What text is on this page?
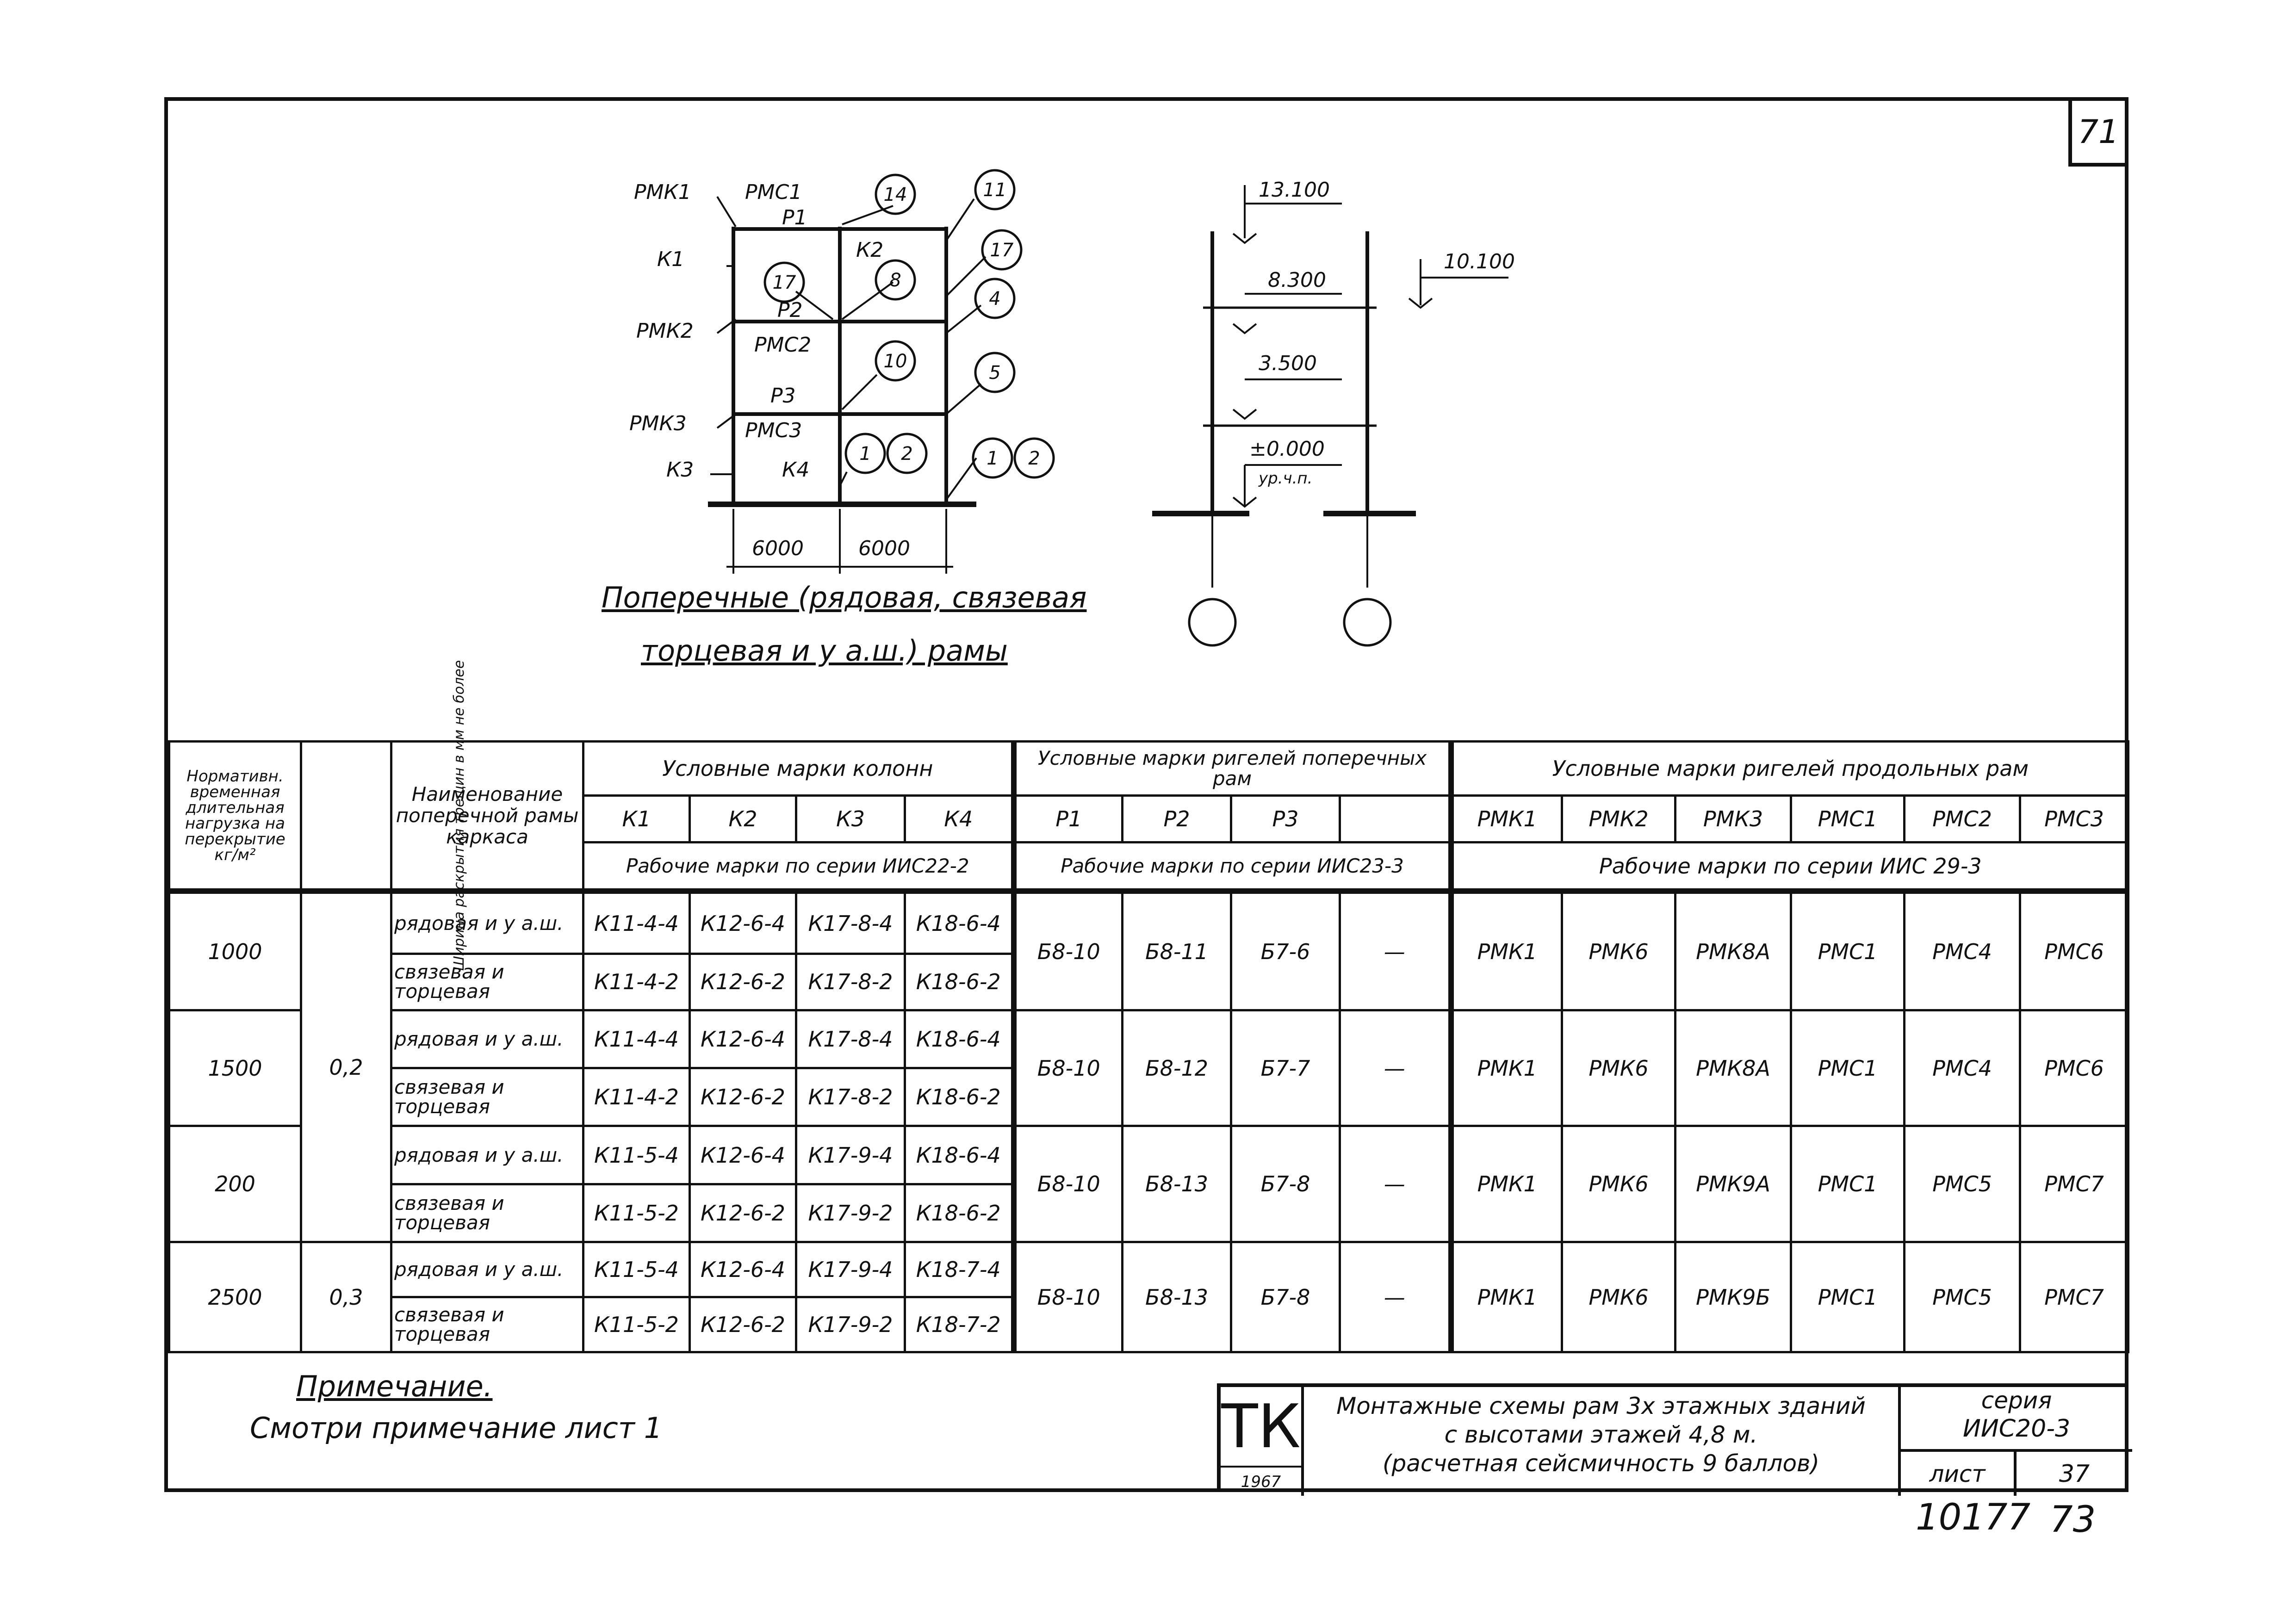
71
РМК1	РМС1
Р1
К1	К2
Р2
РМК2
РМС2
Р3
РМК3	РМС3
К3	К4
6000	6000
14	11
17	8
17
4
10
5
1 2	1 2
13.100
8.300
10.100
3.500
±0.000
ур.ч.п.
Поперечные (рядовая, связевая
торцевая и у а.ш.) рамы
Нормативн. временная длительная нагрузка на перекрытие кг/м²	Ширина раскрытия трещин в мм не более	Наименование поперечной рамы каркаса	Условные марки колонн				Условные марки ригелей поперечных рам				Условные марки ригелей продольных рам					
			К1	К2	К3	К4	Р1	Р2	Р3		РМК1	РМК2	РМК3	РМС1	РМС2	РМС3
			Рабочие марки по серии ИИС22-2				Рабочие марки по серии ИИС23-3				Рабочие марки по серии ИИС 29-3					
1000	0,2	рядовая и у а.ш.	К11-4-4	К12-6-4	К17-8-4	К18-6-4	Б8-10	Б8-11	Б7-6	—	РМК1	РМК6	РМК8А	РМС1	РМС4	РМС6
		связевая и торцевая	К11-4-2	К12-6-2	К17-8-2	К18-6-2										
1500		рядовая и у а.ш.	К11-4-4	К12-6-4	К17-8-4	К18-6-4	Б8-10	Б8-12	Б7-7	—	РМК1	РМК6	РМК8А	РМС1	РМС4	РМС6
		связевая и торцевая	К11-4-2	К12-6-2	К17-8-2	К18-6-2										
200		рядовая и у а.ш.	К11-5-4	К12-6-4	К17-9-4	К18-6-4	Б8-10	Б8-13	Б7-8	—	РМК1	РМК6	РМК9А	РМС1	РМС5	РМС7
		связевая и торцевая	К11-5-2	К12-6-2	К17-9-2	К18-6-2										
2500	0,3	рядовая и у а.ш.	К11-5-4	К12-6-4	К17-9-4	К18-7-4	Б8-10	Б8-13	Б7-8	—	РМК1	РМК6	РМК9Б	РМС1	РМС5	РМС7
		связевая и торцевая	К11-5-2	К12-6-2	К17-9-2	К18-7-2										
Примечание.
Смотри примечание лист 1	ТК
1967
Монтажные схемы рам 3х этажных зданий
с высотами этажей 4,8 м.
(расчетная сейсмичность 9 баллов)
серия
ИИС20-3
лист	37
10177 73
